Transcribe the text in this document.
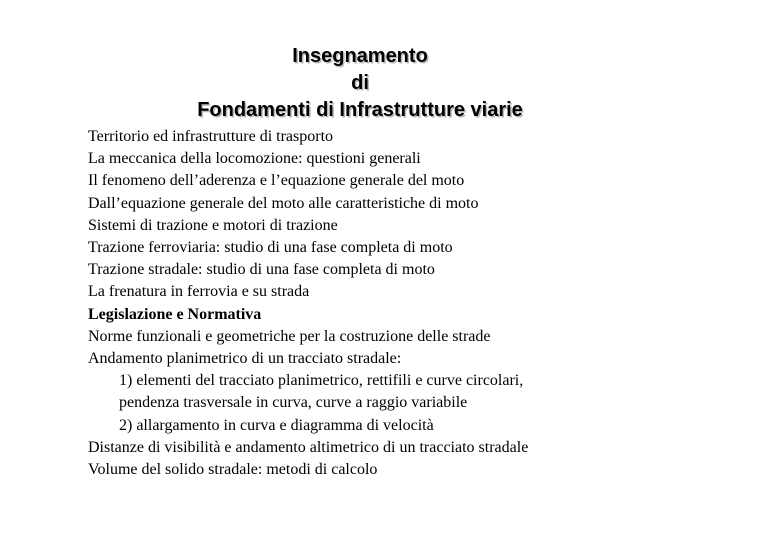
Insegnamento
di
Fondamenti di Infrastrutture viarie
Territorio ed infrastrutture di trasporto
La meccanica della locomozione: questioni generali
Il fenomeno dell’aderenza e l’equazione generale del moto
Dall’equazione generale del moto alle caratteristiche di moto
Sistemi di trazione e motori di trazione
Trazione ferroviaria: studio di una fase completa di moto
Trazione stradale: studio di una fase completa di moto
La frenatura in ferrovia e su strada
Legislazione e Normativa
Norme funzionali e geometriche per la costruzione delle strade
Andamento planimetrico di un tracciato stradale:
1) elementi del tracciato planimetrico, rettifili e curve circolari,
pendenza trasversale in curva, curve a raggio variabile
2) allargamento in curva e diagramma di velocità
Distanze di visibilità e andamento altimetrico di un tracciato stradale
Volume del solido stradale: metodi di calcolo
